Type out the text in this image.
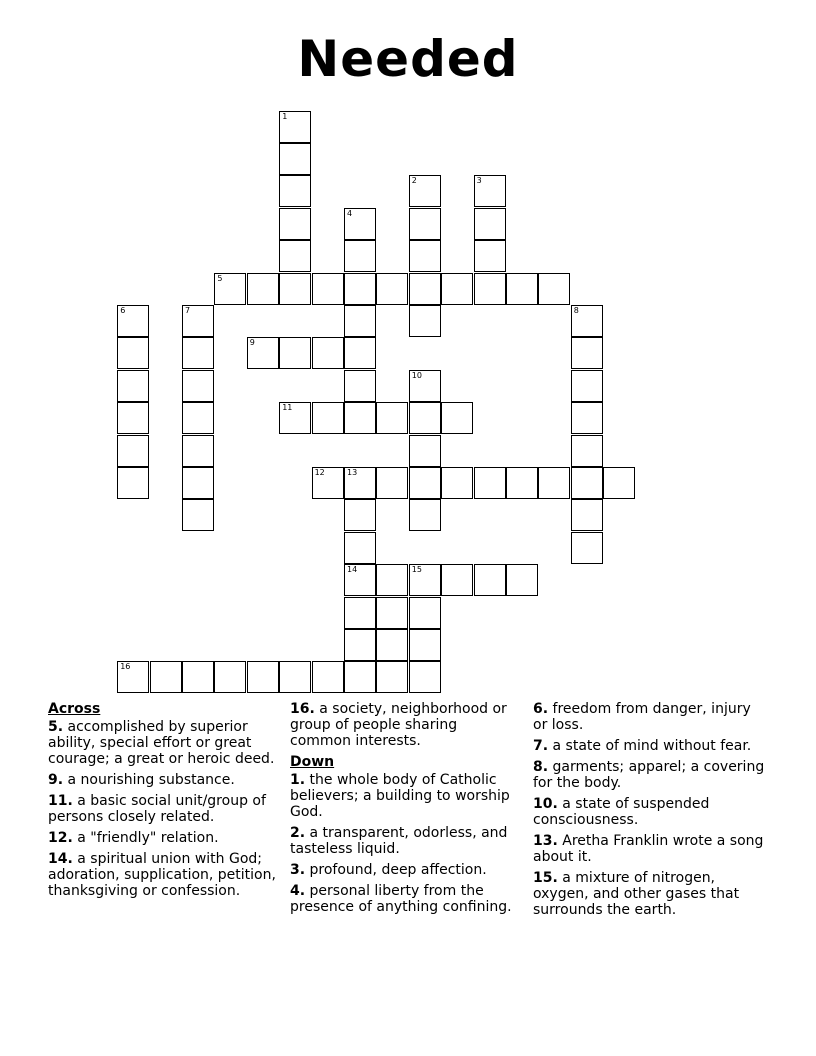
Needed
1
2	3
4
5
6	7	8
9
10
11
12	13
14	15
16
Across
5. accomplished by superior ability, special effort or great courage; a great or heroic deed.
9. a nourishing substance.
11. a basic social unit/group of persons closely related.
12. a "friendly" relation.
14. a spiritual union with God; adoration, supplication, petition, thanksgiving or confession.
16. a society, neighborhood or group of people sharing common interests.
Down
1. the whole body of Catholic believers; a building to worship God.
2. a transparent, odorless, and tasteless liquid.
3. profound, deep affection.
4. personal liberty from the presence of anything confining.
6. freedom from danger, injury or loss.
7. a state of mind without fear.
8. garments; apparel; a covering for the body.
10. a state of suspended consciousness.
13. Aretha Franklin wrote a song about it.
15. a mixture of nitrogen, oxygen, and other gases that surrounds the earth.
